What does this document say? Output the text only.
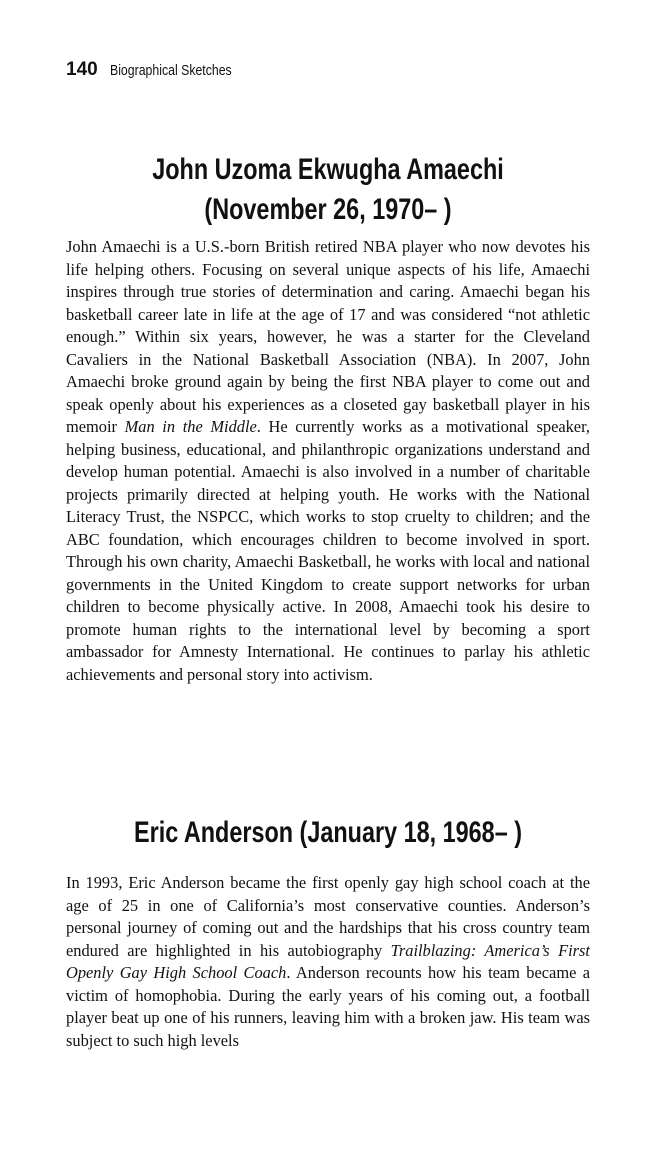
140 Biographical Sketches
John Uzoma Ekwugha Amaechi
(November 26, 1970– )

John Amaechi is a U.S.-born British retired NBA player who now devotes his life helping others. Focusing on several unique aspects of his life, Amaechi inspires through true stories of determination and caring. Amaechi began his basketball career late in life at the age of 17 and was considered “not athletic enough.” Within six years, however, he was a starter for the Cleveland Cavaliers in the National Basketball Association (NBA). In 2007, John Amaechi broke ground again by being the first NBA player to come out and speak openly about his experiences as a closeted gay basketball player in his memoir Man in the Middle. He currently works as a motivational speaker, helping business, educational, and philanthropic organizations understand and develop human potential. Amaechi is also involved in a number of charitable projects primarily directed at helping youth. He works with the National Literacy Trust, the NSPCC, which works to stop cruelty to children; and the ABC foundation, which encourages children to become involved in sport. Through his own charity, Amaechi Basketball, he works with local and national governments in the United Kingdom to create support networks for urban children to become physically active. In 2008, Amaechi took his desire to promote human rights to the international level by becoming a sport ambassador for Amnesty International. He continues to parlay his athletic achievements and personal story into activism.

Eric Anderson (January 18, 1968– )

In 1993, Eric Anderson became the first openly gay high school coach at the age of 25 in one of California’s most conservative counties. Anderson’s personal journey of coming out and the hardships that his cross country team endured are highlighted in his autobiography Trailblazing: America’s First Openly Gay High School Coach. Anderson recounts how his team became a victim of homophobia. During the early years of his coming out, a football player beat up one of his runners, leaving him with a broken jaw. His team was subject to such high levels
